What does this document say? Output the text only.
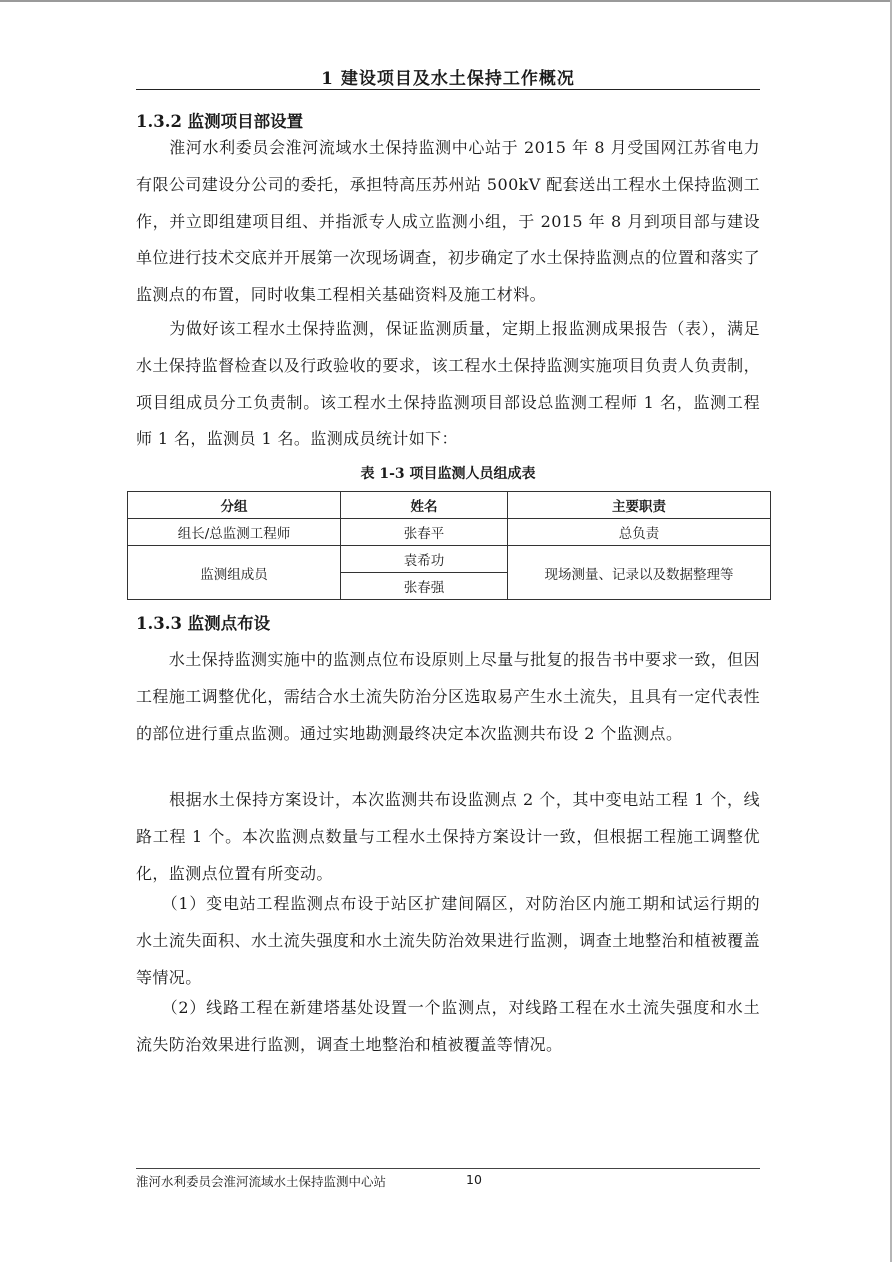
1 建设项目及水土保持工作概况
1.3.2 监测项目部设置

　　淮河水利委员会淮河流域水土保持监测中心站于 2015 年 8 月受国网江苏省电力有限公司建设分公司的委托，承担特高压苏州站 500kV 配套送出工程水土保持监测工作，并立即组建项目组、并指派专人成立监测小组，于 2015 年 8 月到项目部与建设单位进行技术交底并开展第一次现场调查，初步确定了水土保持监测点的位置和落实了监测点的布置，同时收集工程相关基础资料及施工材料。

　　为做好该工程水土保持监测，保证监测质量，定期上报监测成果报告（表），满足水土保持监督检查以及行政验收的要求，该工程水土保持监测实施项目负责人负责制，项目组成员分工负责制。该工程水土保持监测项目部设总监测工程师 1 名，监测工程师 1 名，监测员 1 名。监测成员统计如下：

表 1-3 项目监测人员组成表
分组	姓名	主要职责
组长/总监测工程师	张春平	总负责
监测组成员	袁希功	现场测量、记录以及数据整理等
	张春强	
1.3.3 监测点布设

　　水土保持监测实施中的监测点位布设原则上尽量与批复的报告书中要求一致，但因工程施工调整优化，需结合水土流失防治分区选取易产生水土流失，且具有一定代表性的部位进行重点监测。通过实地勘测最终决定本次监测共布设 2 个监测点。

　　根据水土保持方案设计，本次监测共布设监测点 2 个，其中变电站工程 1 个，线路工程 1 个。本次监测点数量与工程水土保持方案设计一致，但根据工程施工调整优化，监测点位置有所变动。

　　（1）变电站工程监测点布设于站区扩建间隔区，对防治区内施工期和试运行期的水土流失面积、水土流失强度和水土流失防治效果进行监测，调查土地整治和植被覆盖等情况。

　　（2）线路工程在新建塔基处设置一个监测点，对线路工程在水土流失强度和水土流失防治效果进行监测，调查土地整治和植被覆盖等情况。

淮河水利委员会淮河流域水土保持监测中心站	10
